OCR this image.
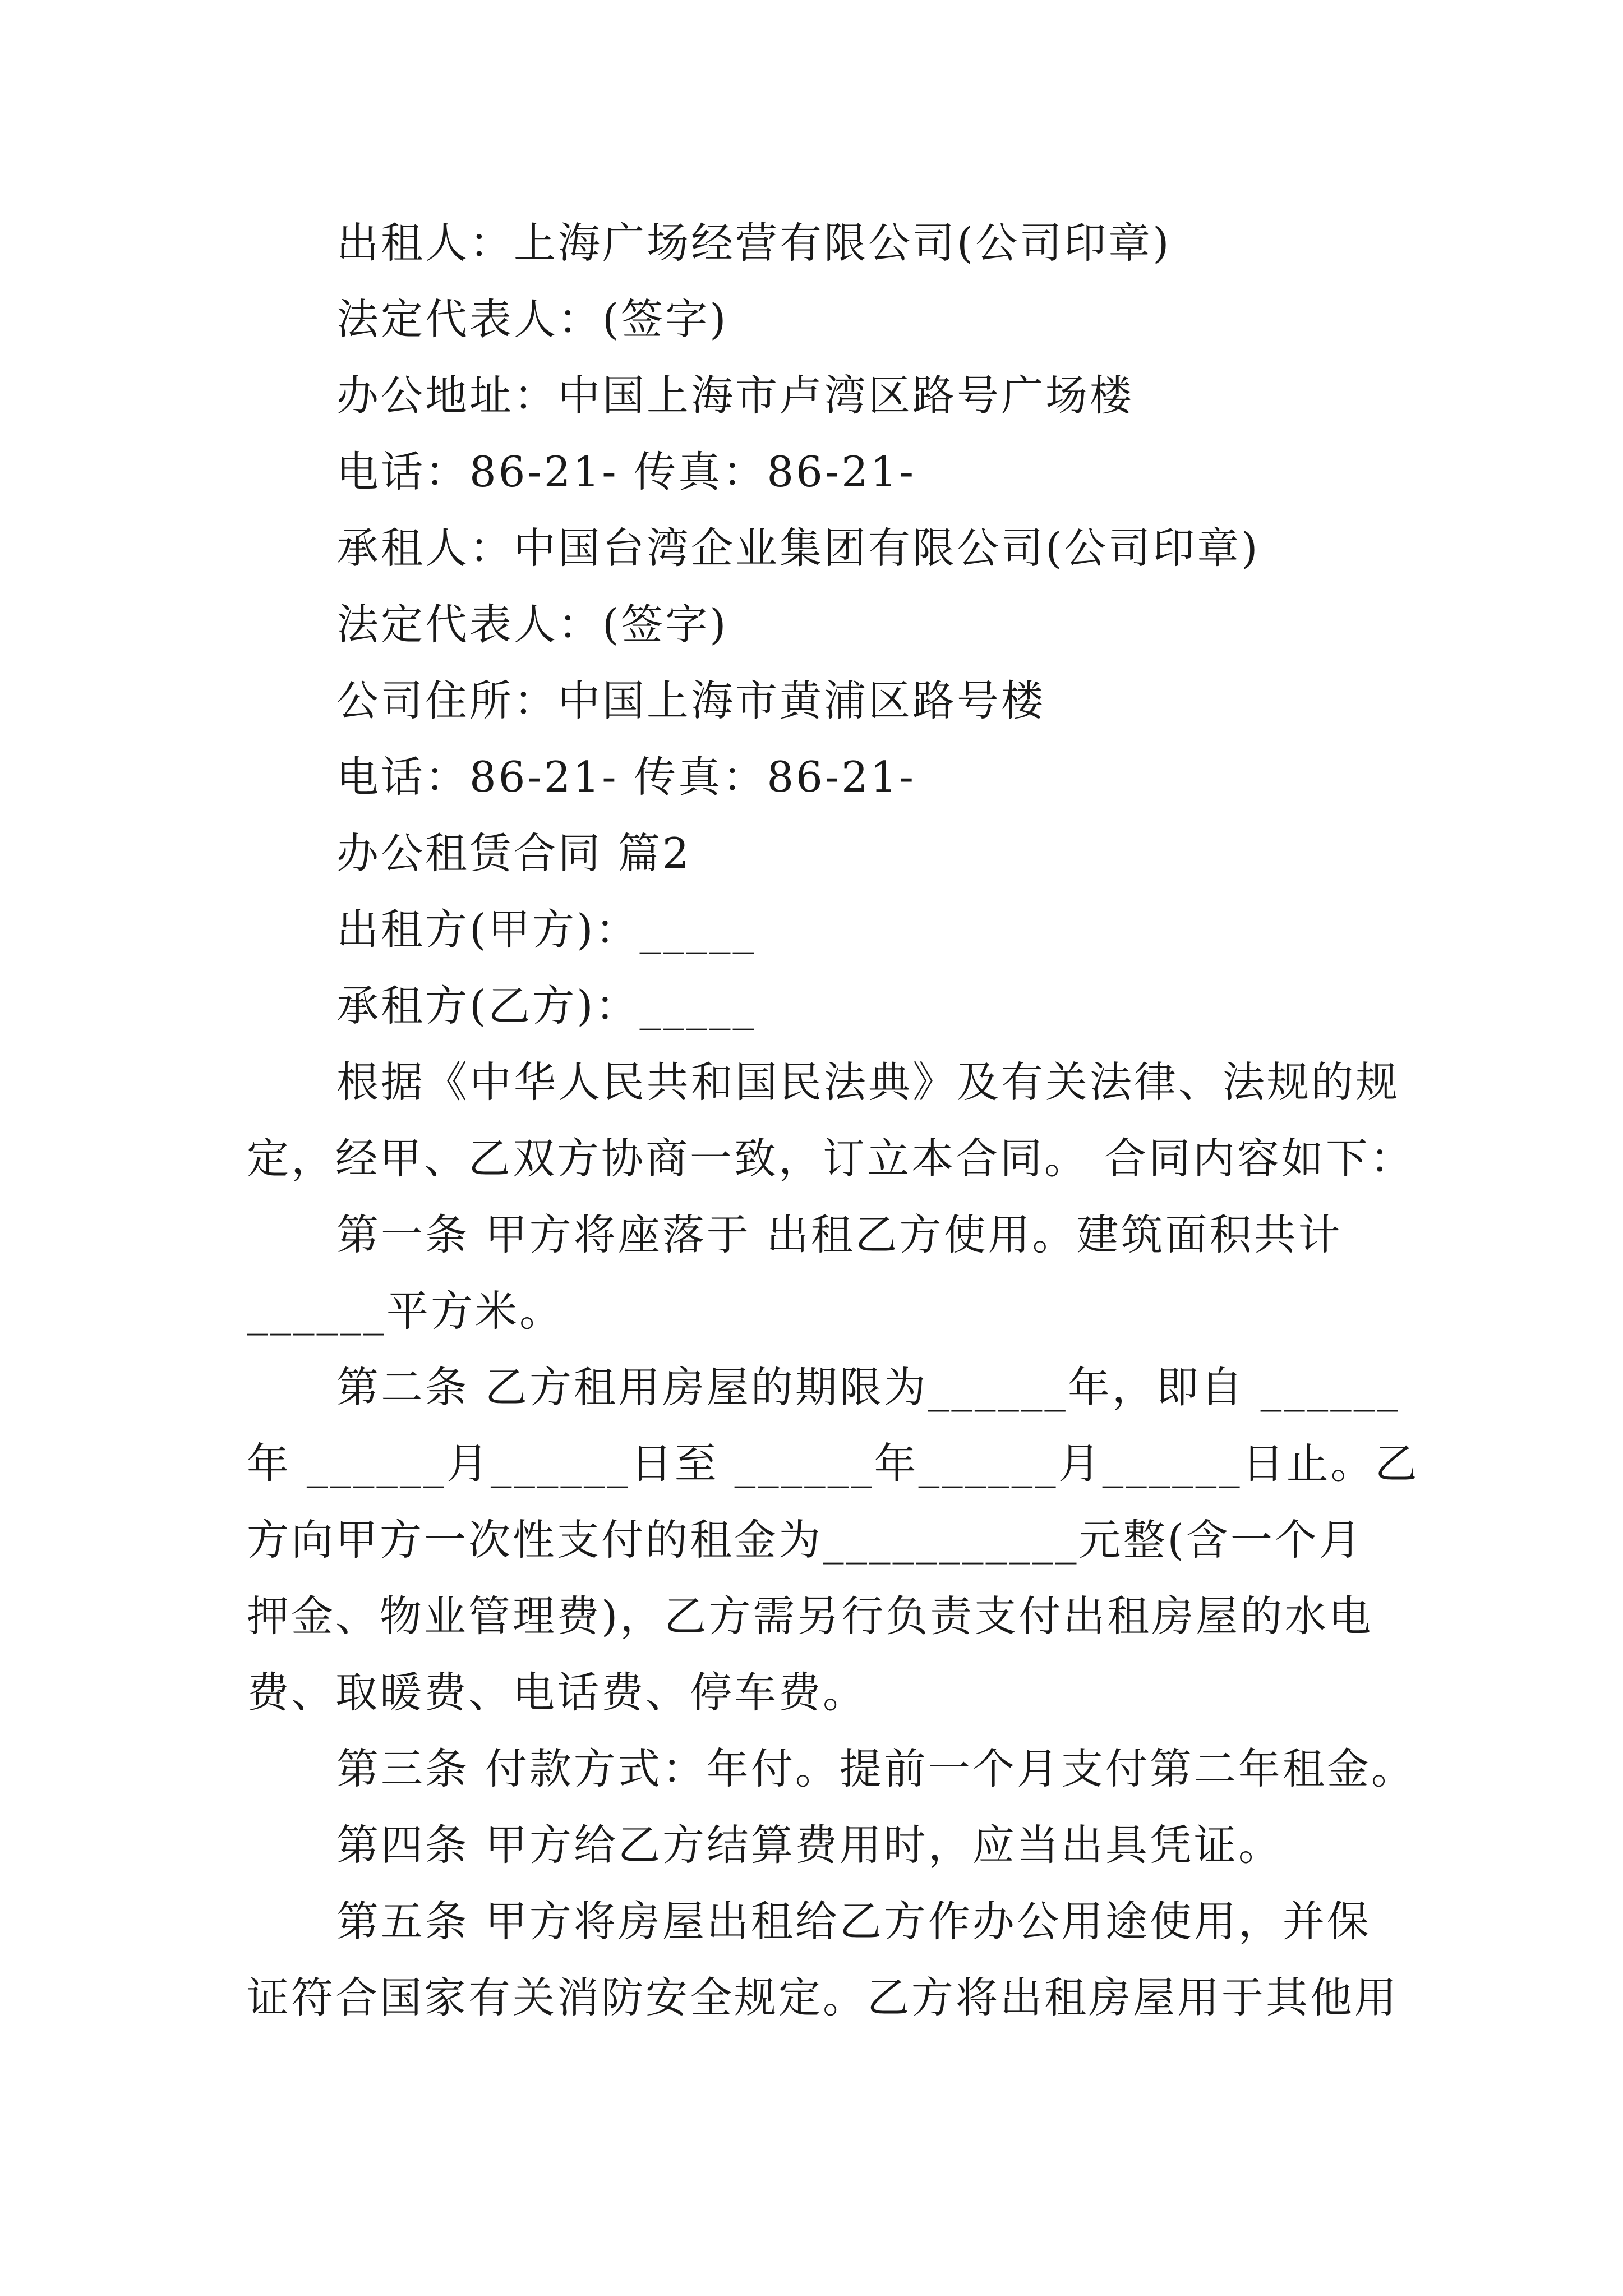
出租人：上海广场经营有限公司(公司印章)
法定代表人：(签字)
办公地址：中国上海市卢湾区路号广场楼
电话：86-21- 传真：86-21-
承租人：中国台湾企业集团有限公司(公司印章)
法定代表人：(签字)
公司住所：中国上海市黄浦区路号楼
电话：86-21- 传真：86-21-
办公租赁合同 篇2
出租方(甲方)：_____
承租方(乙方)：_____
根据《中华人民共和国民法典》及有关法律、法规的规
定，经甲、乙双方协商一致，订立本合同。 合同内容如下：
第一条 甲方将座落于 出租乙方使用。建筑面积共计
______平方米。
第二条 乙方租用房屋的期限为______年，即自 ______
年 ______月______日至 ______年______月______日止。乙
方向甲方一次性支付的租金为___________元整(含一个月
押金、物业管理费)，乙方需另行负责支付出租房屋的水电
费、取暖费、电话费、停车费。
第三条 付款方式：年付。提前一个月支付第二年租金。
第四条 甲方给乙方结算费用时，应当出具凭证。
第五条 甲方将房屋出租给乙方作办公用途使用，并保
证符合国家有关消防安全规定。乙方将出租房屋用于其他用
